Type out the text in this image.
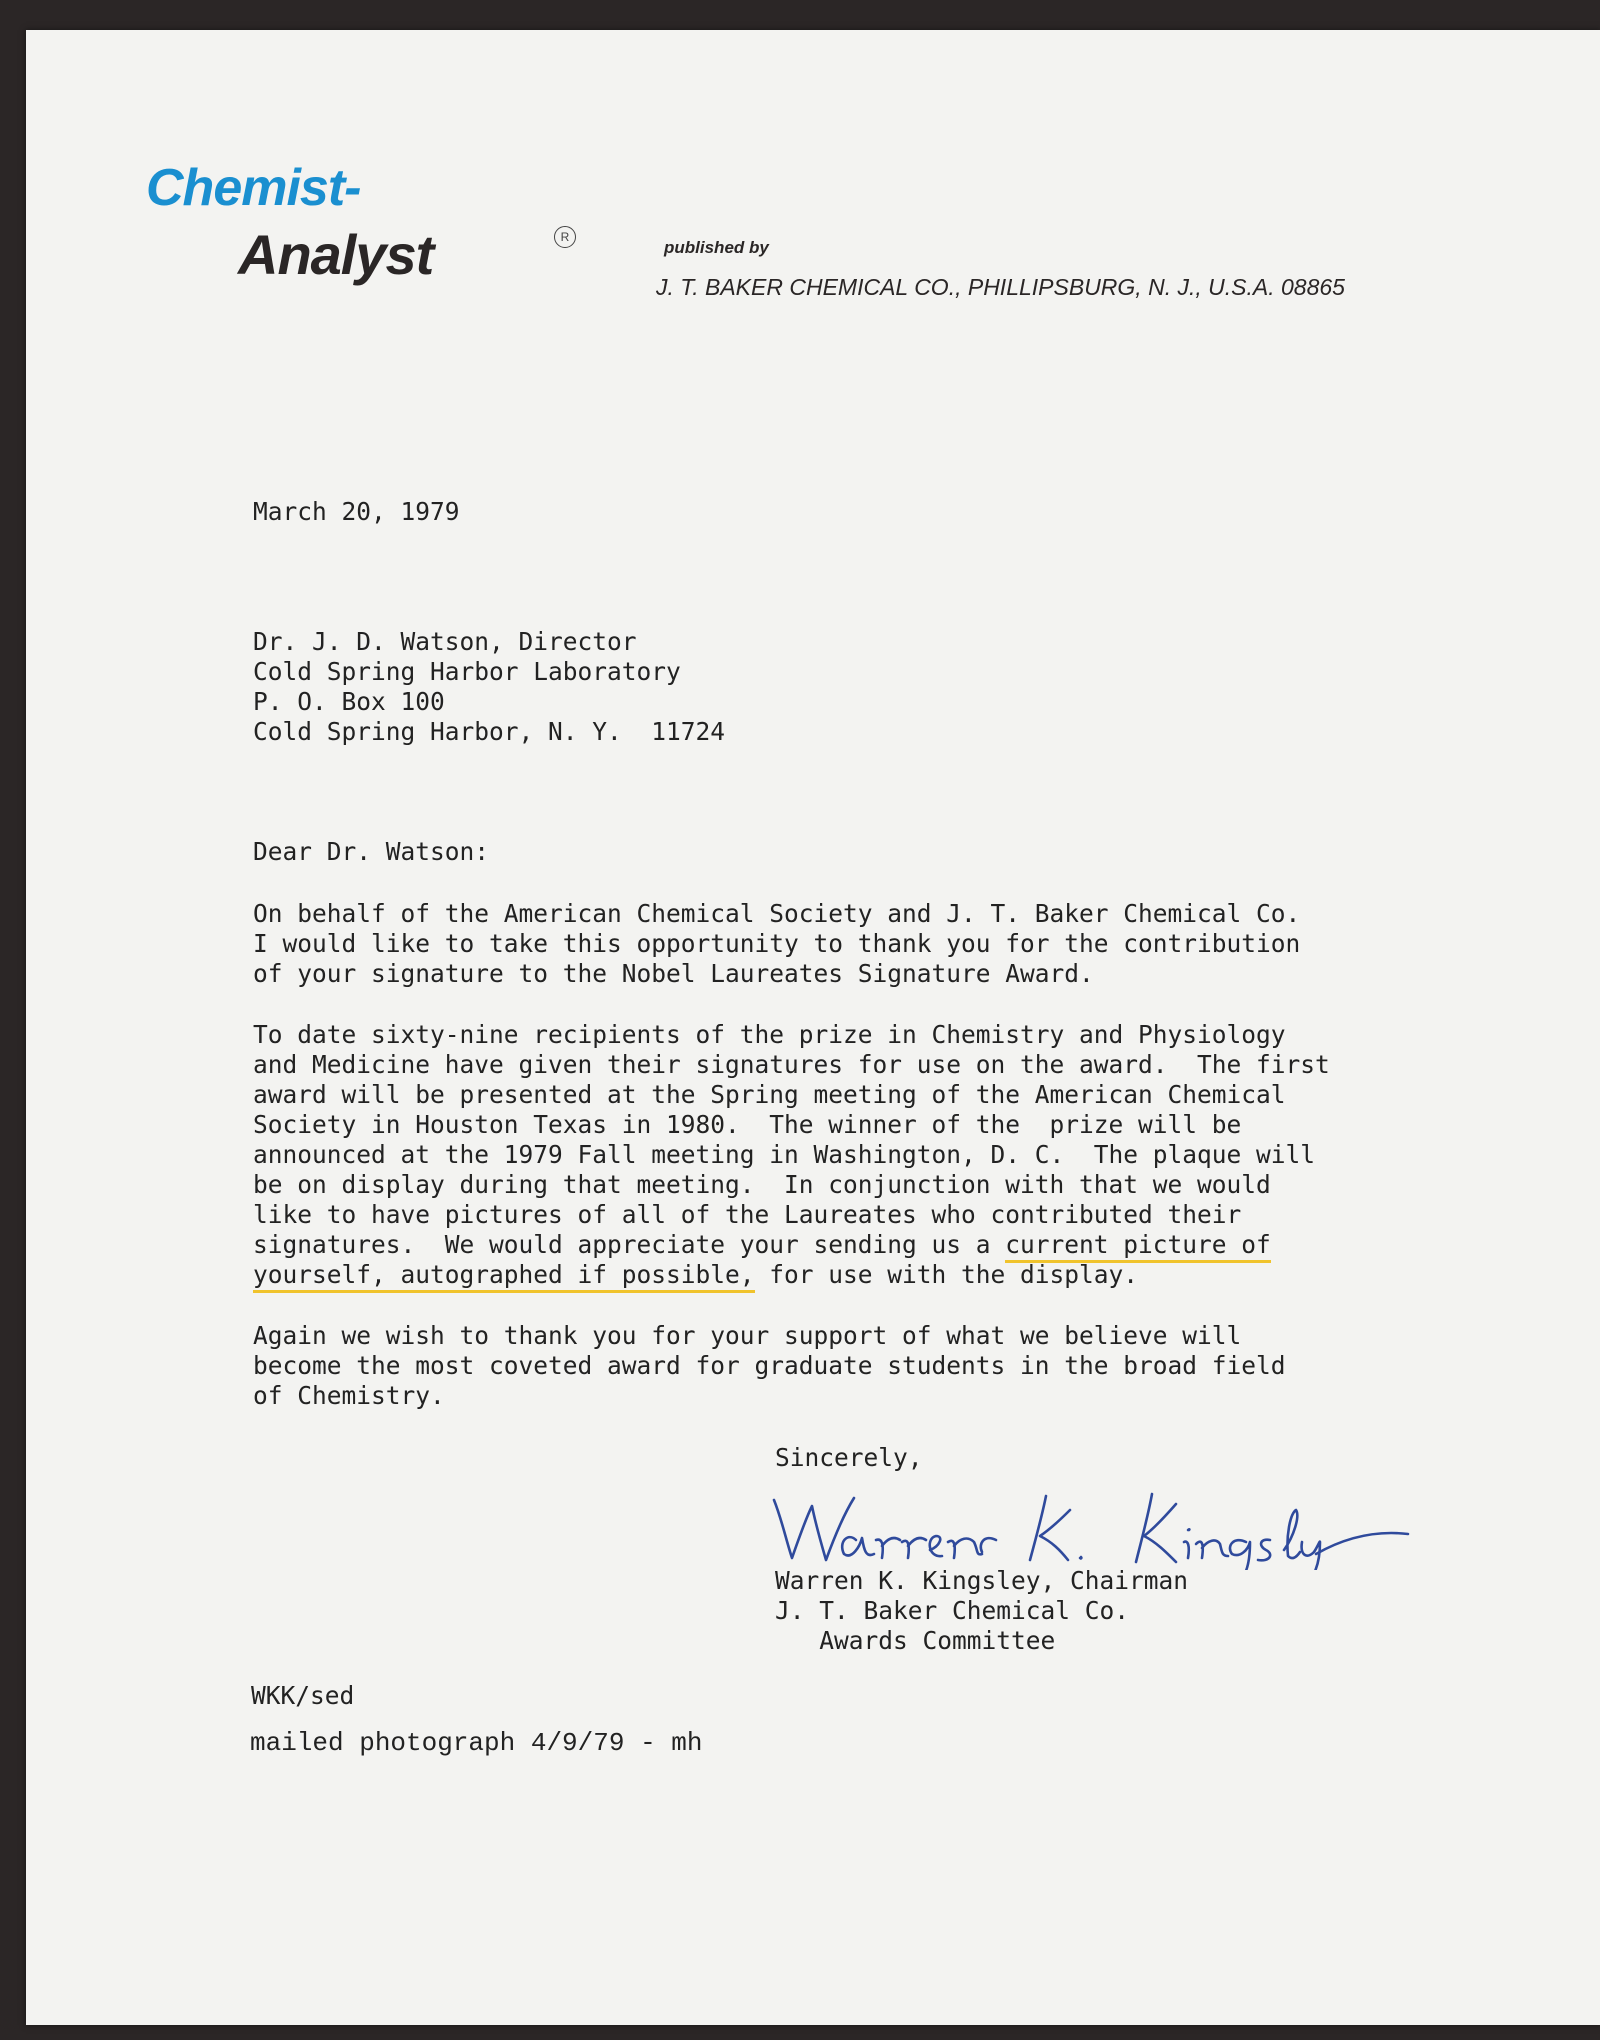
Chemist-
Analyst	R
published by
J. T. BAKER CHEMICAL CO., PHILLIPSBURG, N. J., U.S.A. 08865
March 20, 1979
Dr. J. D. Watson, Director
Cold Spring Harbor Laboratory
P. O. Box 100
Cold Spring Harbor, N. Y.  11724
Dear Dr. Watson:
On behalf of the American Chemical Society and J. T. Baker Chemical Co.
I would like to take this opportunity to thank you for the contribution
of your signature to the Nobel Laureates Signature Award.
To date sixty-nine recipients of the prize in Chemistry and Physiology
and Medicine have given their signatures for use on the award.  The first
award will be presented at the Spring meeting of the American Chemical
Society in Houston Texas in 1980.  The winner of the  prize will be
announced at the 1979 Fall meeting in Washington, D. C.  The plaque will
be on display during that meeting.  In conjunction with that we would
like to have pictures of all of the Laureates who contributed their
signatures.  We would appreciate your sending us a current picture of
yourself, autographed if possible, for use with the display.
Again we wish to thank you for your support of what we believe will
become the most coveted award for graduate students in the broad field
of Chemistry.
Sincerely,
Warren K. Kingsley, Chairman
J. T. Baker Chemical Co.
Awards Committee
WKK/sed
mailed photograph 4/9/79 - mh
